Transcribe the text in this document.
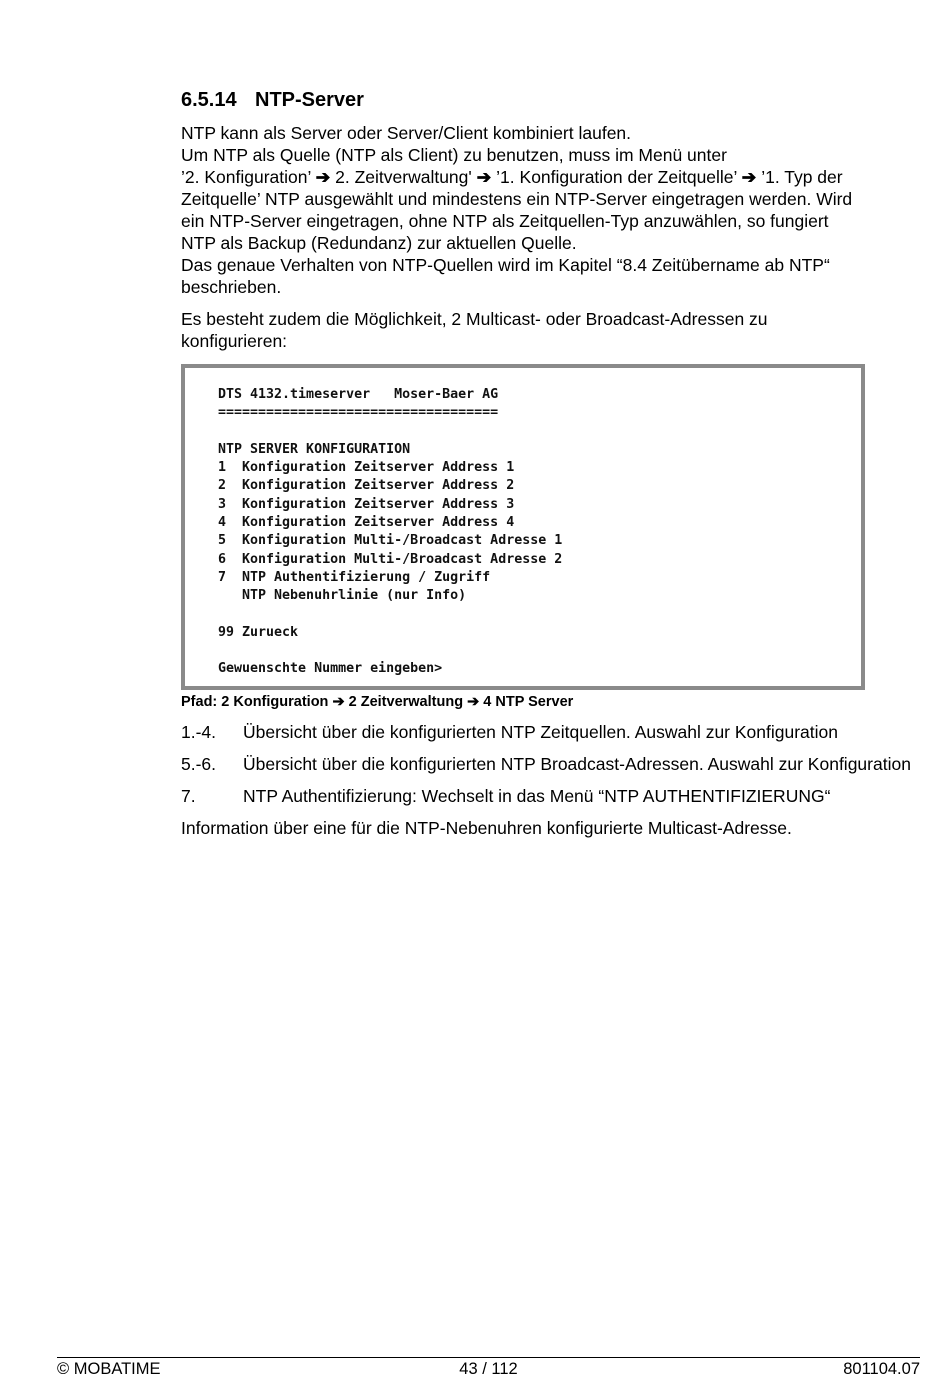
6.5.14 NTP-Server
NTP kann als Server oder Server/Client kombiniert laufen.
Um NTP als Quelle (NTP als Client) zu benutzen, muss im Menü unter
’2. Konfiguration’ ➔ 2. Zeitverwaltung' ➔ ’1. Konfiguration der Zeitquelle’ ➔ ’1. Typ der
Zeitquelle’ NTP ausgewählt und mindestens ein NTP-Server eingetragen werden. Wird
ein NTP-Server eingetragen, ohne NTP als Zeitquellen-Typ anzuwählen, so fungiert
NTP als Backup (Redundanz) zur aktuellen Quelle.
Das genaue Verhalten von NTP-Quellen wird im Kapitel “8.4 Zeitübername ab NTP“
beschrieben.
Es besteht zudem die Möglichkeit, 2 Multicast- oder Broadcast-Adressen zu
konfigurieren:
DTS 4132.timeserver   Moser-Baer AG
===================================

NTP SERVER KONFIGURATION
1  Konfiguration Zeitserver Address 1
2  Konfiguration Zeitserver Address 2
3  Konfiguration Zeitserver Address 3
4  Konfiguration Zeitserver Address 4
5  Konfiguration Multi-/Broadcast Adresse 1
6  Konfiguration Multi-/Broadcast Adresse 2
7  NTP Authentifizierung / Zugriff
NTP Nebenuhrlinie (nur Info)

99 Zurueck

Gewuenschte Nummer eingeben>
Pfad: 2 Konfiguration ➔ 2 Zeitverwaltung ➔ 4 NTP Server
1.-4.	Übersicht über die konfigurierten NTP Zeitquellen. Auswahl zur Konfiguration
5.-6.	Übersicht über die konfigurierten NTP Broadcast-Adressen. Auswahl zur Konfiguration
7.	NTP Authentifizierung: Wechselt in das Menü “NTP AUTHENTIFIZIERUNG“
Information über eine für die NTP-Nebenuhren konfigurierte Multicast-Adresse.
© MOBATIME	43 / 112	801104.07
